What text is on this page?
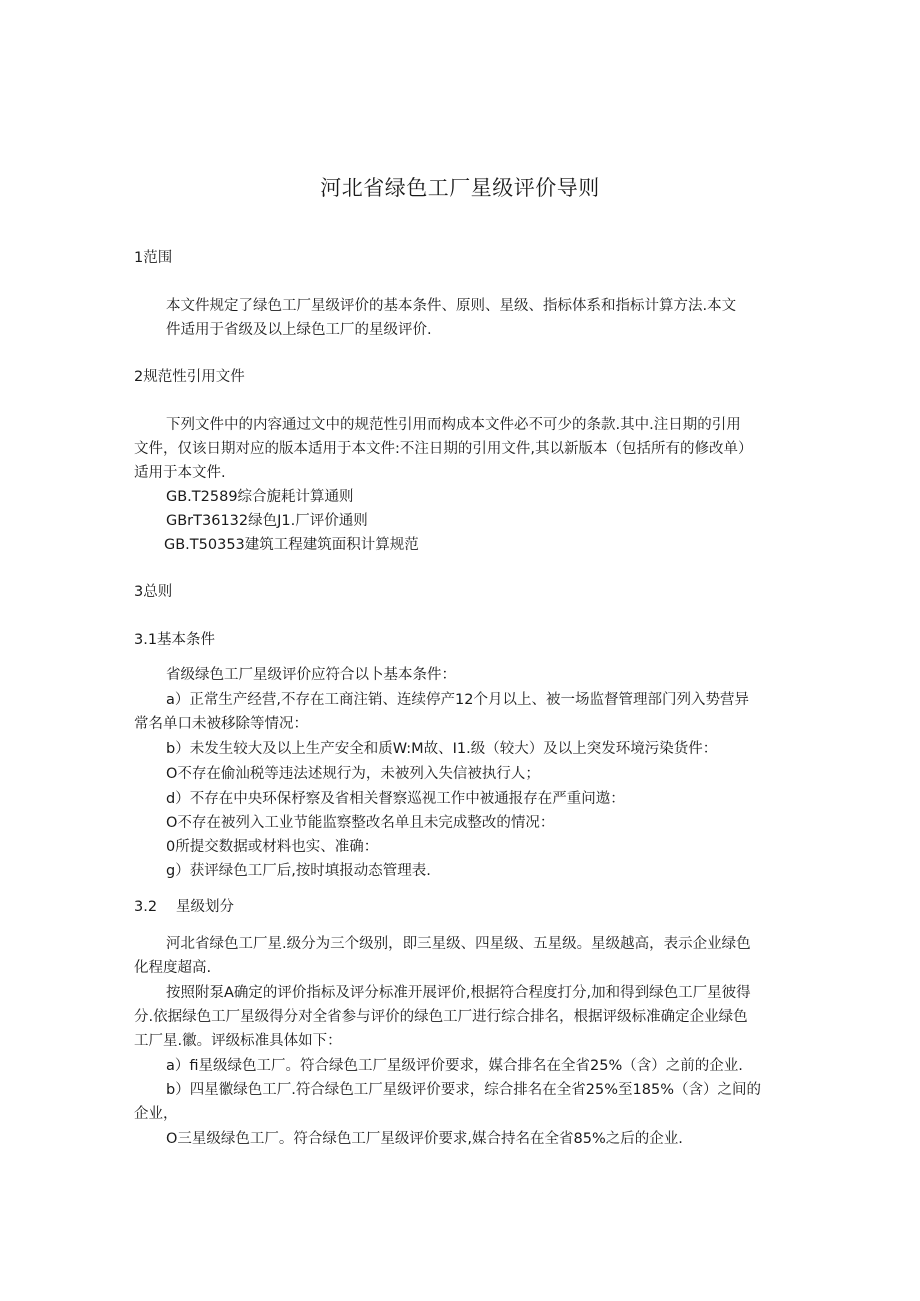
河北省绿色工厂星级评价导则
1范围
本文件规定了绿色工厂星级评价的基本条件、原则、星级、指标体系和指标计算方法.本文
件适用于省级及以上绿色工厂的星级评价.
2规范性引用文件
下列文件中的内容通过文中的规范性引用而构成本文件必不可少的条款.其中.注日期的引用
文件，仅该日期对应的版本适用于本文件:不注日期的引用文件,其以新版本（包括所有的修改单）
适用于本文件.
GB.T2589综合旎耗计算通则
GBrT36132绿色J1.厂评价通则
GB.T50353建筑工程建筑面积计算规范
3总则
3.1基本条件
省级绿色工厂星级评价应符合以卜基本条件：
a）正常生产经营,不存在工商注销、连续停产12个月以上、被一场监督管理部门列入势营异
常名单口未被移除等情况：
b）未发生较大及以上生产安全和质W:M故、I1.级（较大）及以上突发环境污染货件：
O不存在偷汕税等违法述规行为，未被列入失信被执行人；
d）不存在中央环保杼察及省相关督察巡视工作中被通报存在严重问遨：
O不存在被列入工业节能监察整改名单且未完成整改的情况：
0所提交数据或材料也实、准确：
g）获评绿色工厂后,按时填报动态管理表.
3.2 星级划分
河北省绿色工厂星.级分为三个级别，即三星级、四星级、五星级。星级越高，表示企业绿色
化程度超高.
按照附泵A确定的评价指标及评分标准开展评价,根据符合程度打分,加和得到绿色工厂星彼得
分.依据绿色工厂星级得分对全省参与评价的绿色工厂进行综合排名，根据评级标准确定企业绿色
工厂星.徽。评级标准具体如下：
a）fi星级绿色工厂。符合绿色工厂星级评价要求，媒合排名在全省25%（含）之前的企业.
b）四星徽绿色工厂.符合绿色工厂星级评价要求，综合排名在全省25%至185%（含）之间的
企业，
O三星级绿色工厂。符合绿色工厂星级评价要求,媒合持名在全省85%之后的企业.
